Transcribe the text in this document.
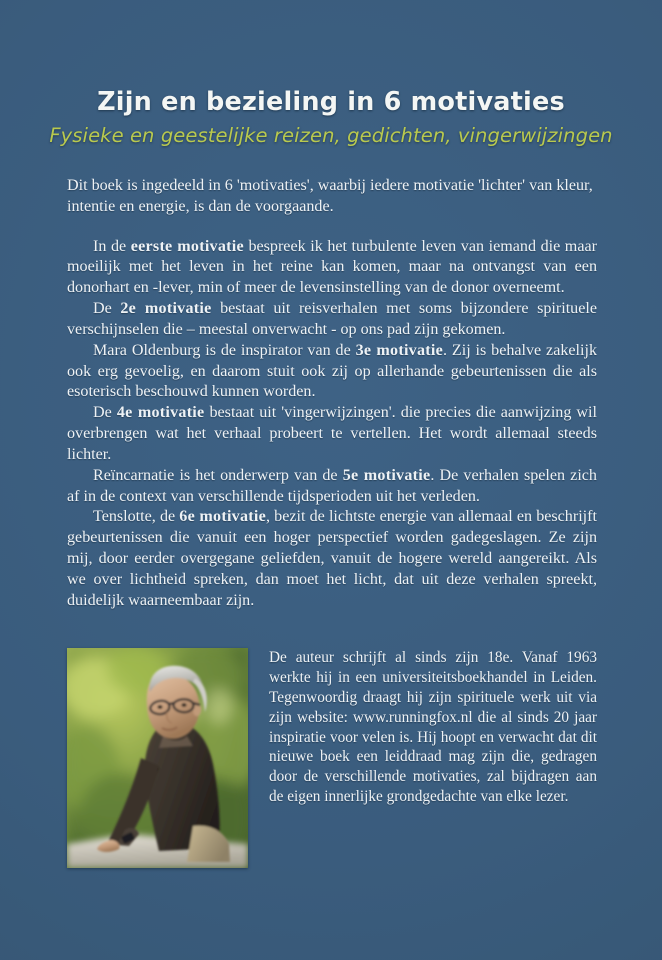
Zijn en bezieling in 6 motivaties
Fysieke en geestelijke reizen, gedichten, vingerwijzingen

Dit boek is ingedeeld in 6 'motivaties', waarbij iedere motivatie 'lichter' van kleur, intentie en energie, is dan de voorgaande.

In de eerste motivatie bespreek ik het turbulente leven van iemand die maar moeilijk met het leven in het reine kan komen, maar na ontvangst van een donorhart en -lever, min of meer de levensinstelling van de donor overneemt.

De 2e motivatie bestaat uit reisverhalen met soms bijzondere spirituele verschijnselen die – meestal onverwacht - op ons pad zijn gekomen.

Mara Oldenburg is de inspirator van de 3e motivatie. Zij is behalve zakelijk ook erg gevoelig, en daarom stuit ook zij op allerhande gebeurtenissen die als esoterisch beschouwd kunnen worden.

De 4e motivatie bestaat uit 'vingerwijzingen'. die precies die aanwijzing wil overbrengen wat het verhaal probeert te vertellen. Het wordt allemaal steeds lichter.

Reïncarnatie is het onderwerp van de 5e motivatie. De verhalen spelen zich af in de context van verschillende tijdsperioden uit het verleden.

Tenslotte, de 6e motivatie, bezit de lichtste energie van allemaal en beschrijft gebeurtenissen die vanuit een hoger perspectief worden gadegeslagen. Ze zijn mij, door eerder overgegane geliefden, vanuit de hogere wereld aangereikt. Als we over lichtheid spreken, dan moet het licht, dat uit deze verhalen spreekt, duidelijk waarneembaar zijn.

De auteur schrijft al sinds zijn 18e. Vanaf 1963 werkte hij in een universiteitsboekhandel in Leiden. Tegenwoordig draagt hij zijn spirituele werk uit via zijn website: www.runningfox.nl die al sinds 20 jaar inspiratie voor velen is. Hij hoopt en verwacht dat dit nieuwe boek een leiddraad mag zijn die, gedragen door de verschillende motivaties, zal bijdragen aan de eigen innerlijke grondgedachte van elke lezer.
